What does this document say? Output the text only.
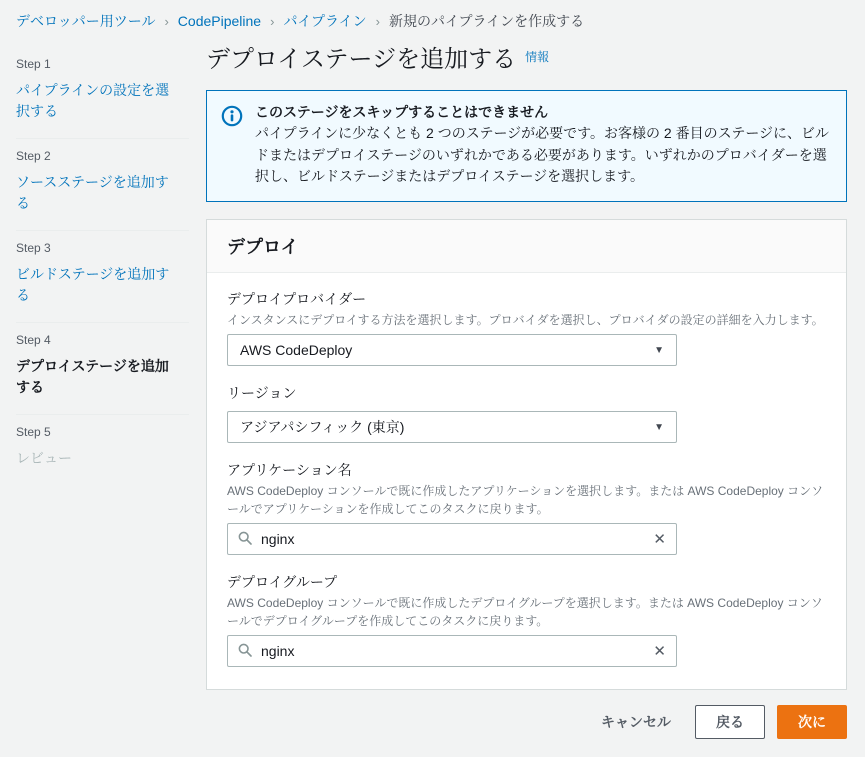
デベロッパー用ツール › CodePipeline › パイプライン › 新規のパイプラインを作成する
Step 1
パイプラインの設定を選択する
Step 2
ソースステージを追加する
Step 3
ビルドステージを追加する
Step 4
デプロイステージを追加する
Step 5
レビュー
デプロイステージを追加する 情報
このステージをスキップすることはできません
パイプラインに少なくとも 2 つのステージが必要です。お客様の 2 番目のステージに、ビルドまたはデプロイステージのいずれかである必要があります。いずれかのプロバイダーを選択し、ビルドステージまたはデプロイステージを選択します。
デプロイ
デプロイプロバイダー
インスタンスにデプロイする方法を選択します。プロバイダを選択し、プロバイダの設定の詳細を入力します。
AWS CodeDeploy	▼
リージョン
アジアパシフィック (東京)	▼
アプリケーション名
AWS CodeDeploy コンソールで既に作成したアプリケーションを選択します。または AWS CodeDeploy コンソールでアプリケーションを作成してこのタスクに戻ります。
nginx
✕
デプロイグループ
AWS CodeDeploy コンソールで既に作成したデプロイグループを選択します。または AWS CodeDeploy コンソールでデプロイグループを作成してこのタスクに戻ります。
nginx
✕
キャンセル	戻る	次に
